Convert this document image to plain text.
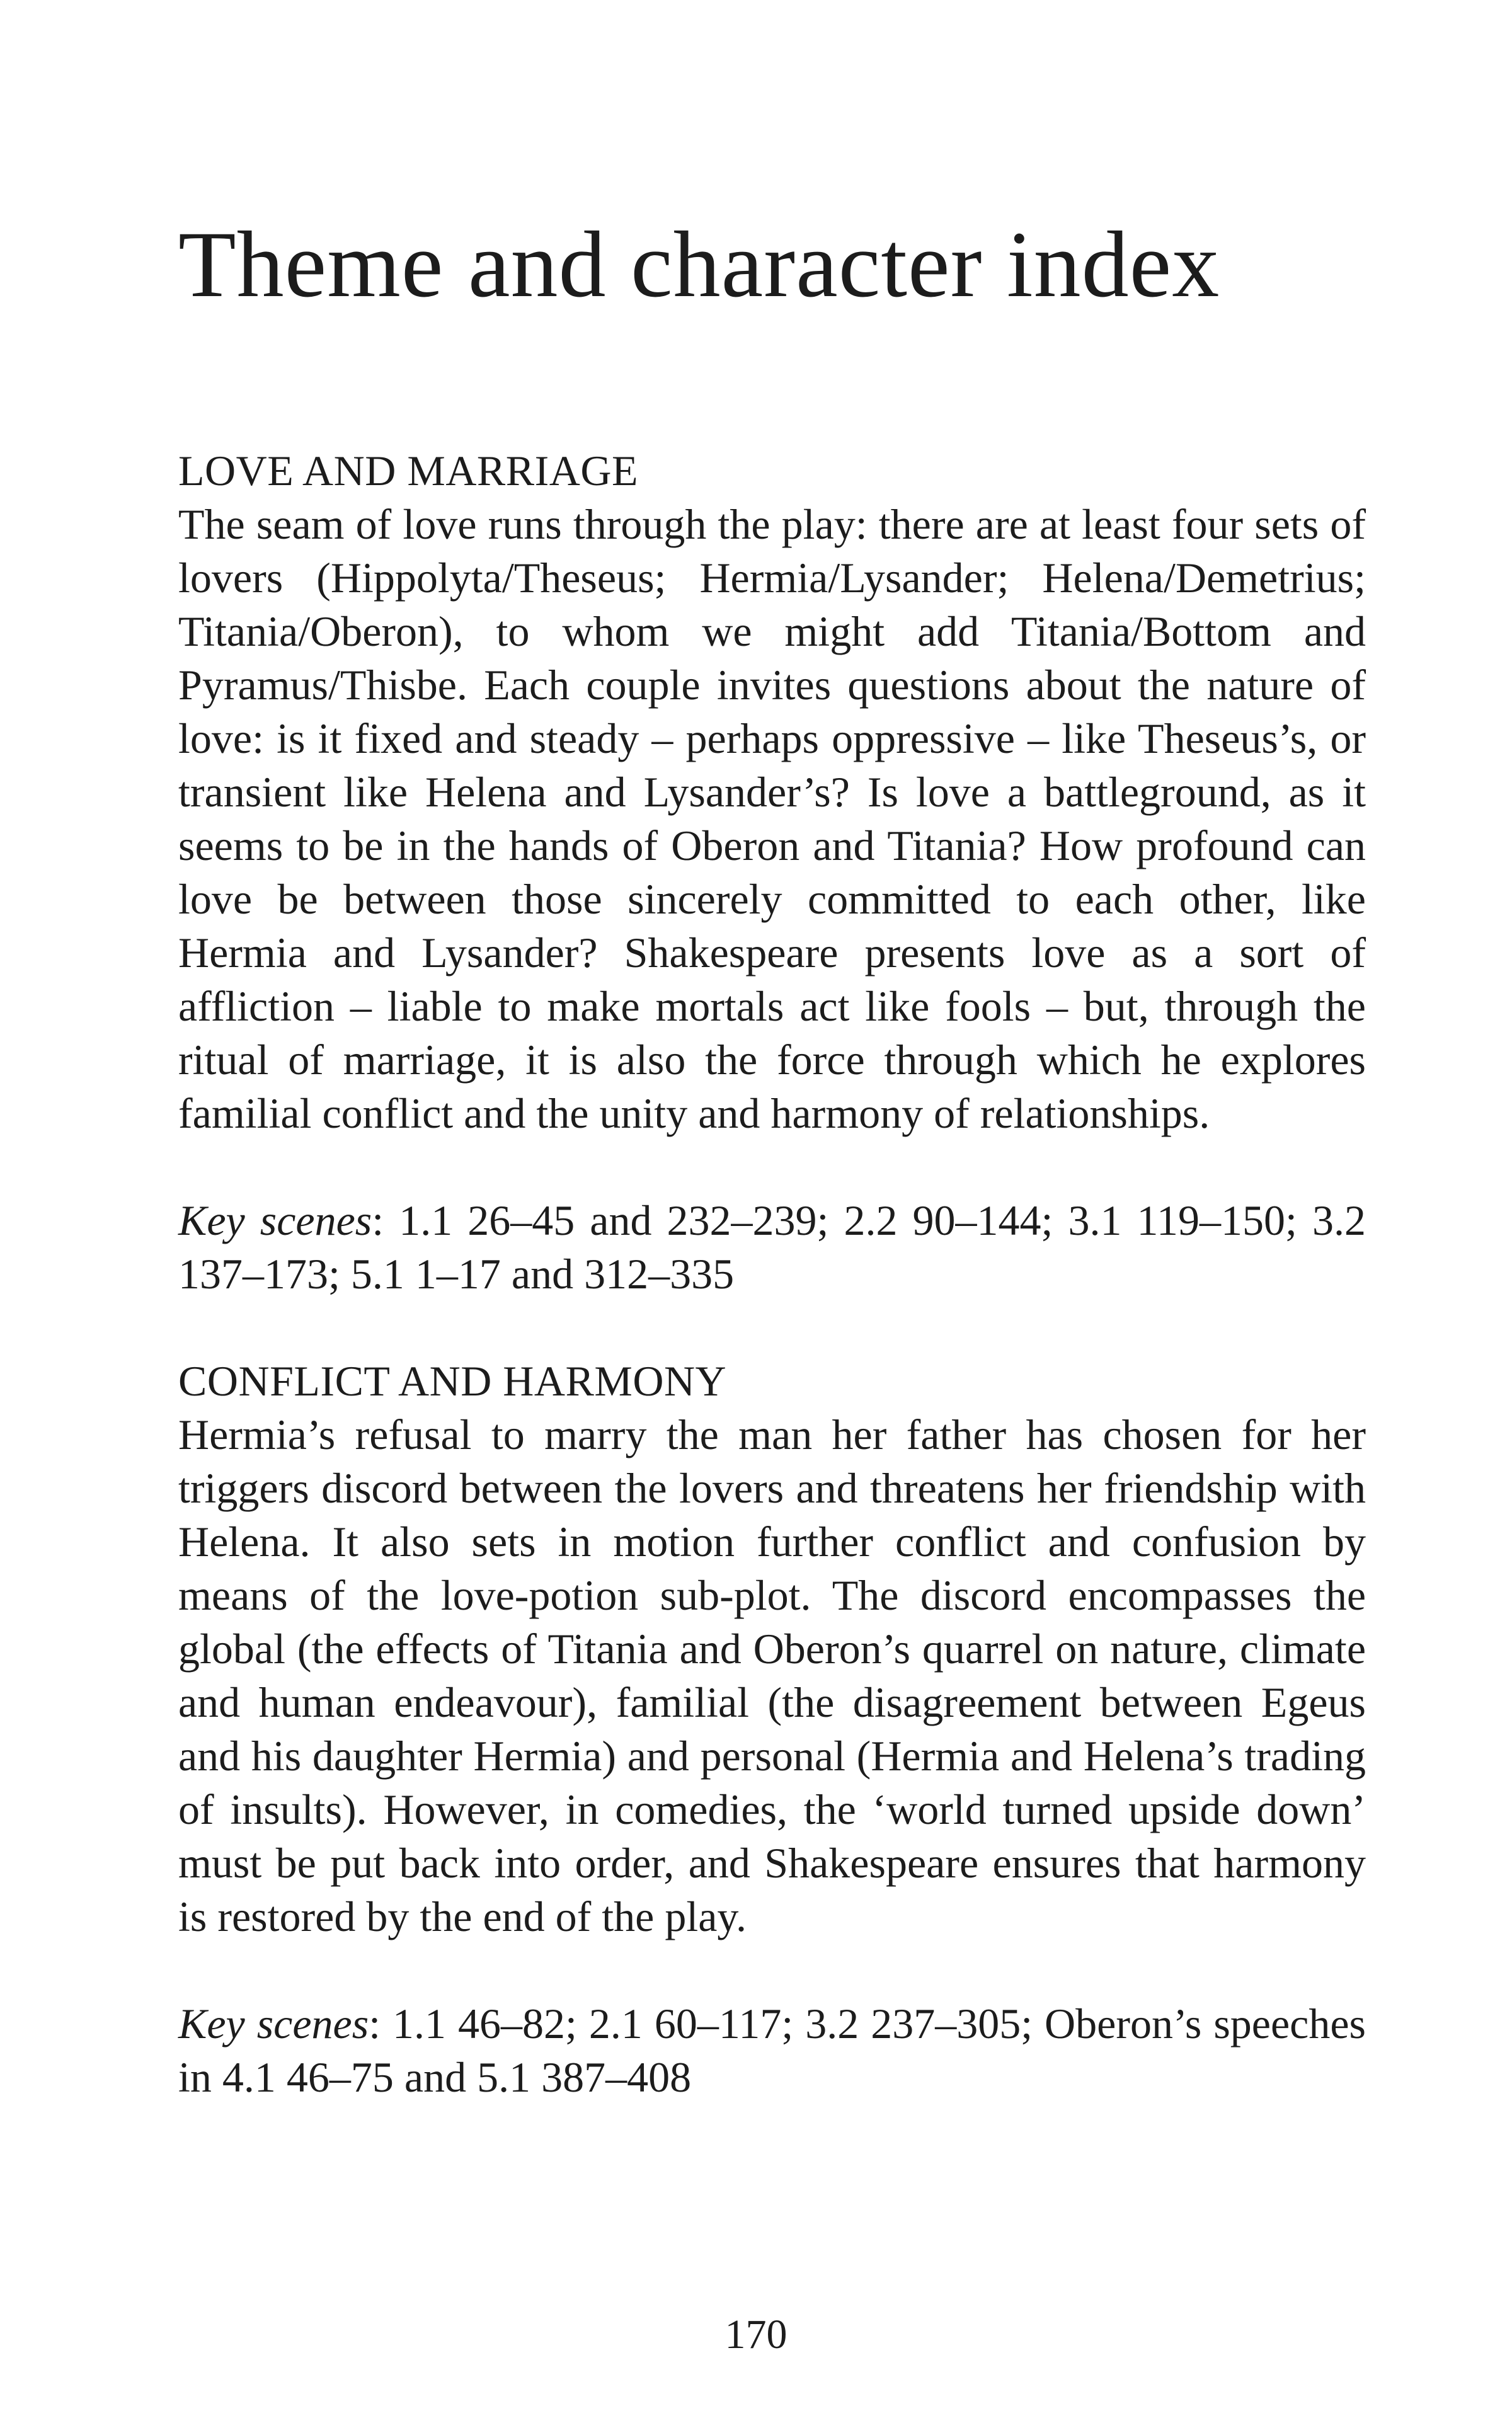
Theme and character index
LOVE AND MARRIAGE

The seam of love runs through the play: there are at least four sets of lovers (Hippolyta/Theseus; Hermia/Lysander; Helena/Demetrius; Titania/Oberon), to whom we might add Titania/Bottom and Pyramus/Thisbe. Each couple invites questions about the nature of love: is it fixed and steady – perhaps oppressive – like Theseus’s, or transient like Helena and Lysander’s? Is love a battleground, as it seems to be in the hands of Oberon and Titania? How profound can love be between those sincerely committed to each other, like Hermia and Lysander? Shakespeare presents love as a sort of affliction – liable to make mortals act like fools – but, through the ritual of marriage, it is also the force through which he explores familial conflict and the unity and harmony of relationships.

Key scenes: 1.1 26–45 and 232–239; 2.2 90–144; 3.1 119–150; 3.2 137–173; 5.1 1–17 and 312–335

CONFLICT AND HARMONY

Hermia’s refusal to marry the man her father has chosen for her triggers discord between the lovers and threatens her friendship with Helena. It also sets in motion further conflict and confusion by means of the love-potion sub-plot. The discord encompasses the global (the effects of Titania and Oberon’s quarrel on nature, climate and human endeavour), familial (the disagreement between Egeus and his daughter Hermia) and personal (Hermia and Helena’s trading of insults). However, in comedies, the ‘world turned upside down’ must be put back into order, and Shakespeare ensures that harmony is restored by the end of the play.

Key scenes: 1.1 46–82; 2.1 60–117; 3.2 237–305; Oberon’s speeches in 4.1 46–75 and 5.1 387–408

170
